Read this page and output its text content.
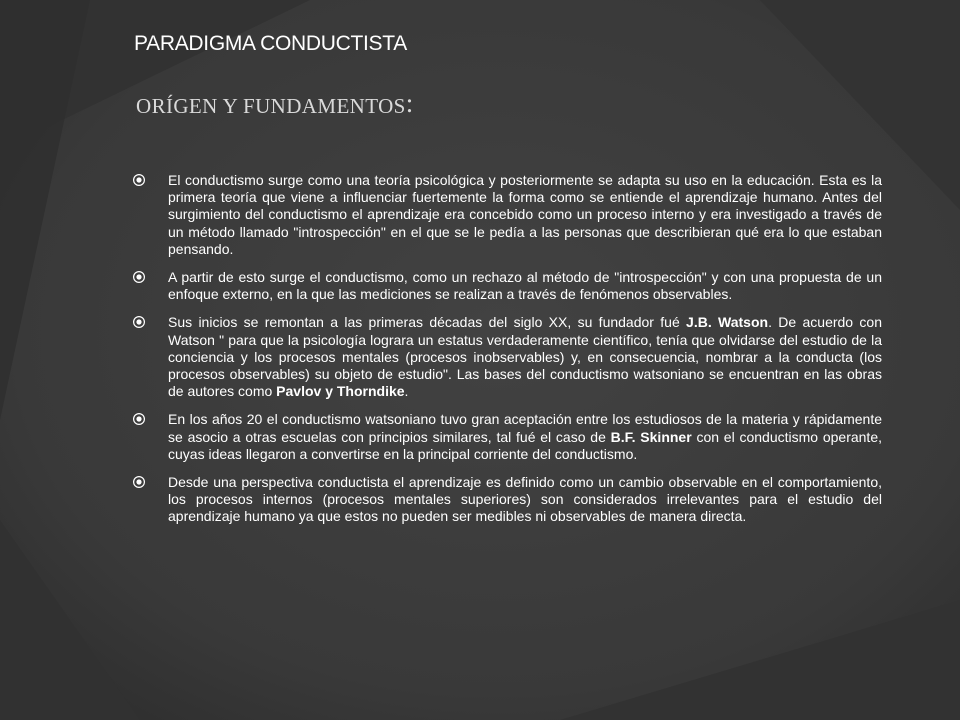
PARADIGMA CONDUCTISTA
ORÍGEN Y FUNDAMENTOS:
El conductismo surge como una teoría psicológica y posteriormente se adapta su uso en la educación. Esta es la primera teoría que viene a influenciar fuertemente la forma como se entiende el aprendizaje humano. Antes del surgimiento del conductismo el aprendizaje era concebido como un proceso interno y era investigado a través de un método llamado "introspección" en el que se le pedía a las personas que describieran qué era lo que estaban pensando.
A partir de esto surge el conductismo, como un rechazo al método de "introspección" y con una propuesta de un enfoque externo, en la que las mediciones se realizan a través de fenómenos observables.
Sus inicios se remontan a las primeras décadas del siglo XX, su fundador fué J.B. Watson. De acuerdo con Watson " para que la psicología lograra un estatus verdaderamente científico, tenía que olvidarse del estudio de la conciencia y los procesos mentales (procesos inobservables) y, en consecuencia, nombrar a la conducta (los procesos observables) su objeto de estudio". Las bases del conductismo watsoniano se encuentran en las obras de autores como Pavlov y Thorndike.
En los años 20 el conductismo watsoniano tuvo gran aceptación entre los estudiosos de la materia y rápidamente se asocio a otras escuelas con principios similares, tal fué el caso de B.F. Skinner con el conductismo operante, cuyas ideas llegaron a convertirse en la principal corriente del conductismo.
Desde una perspectiva conductista el aprendizaje es definido como un cambio observable en el comportamiento, los procesos internos (procesos mentales superiores) son considerados irrelevantes para el estudio del aprendizaje humano ya que estos no pueden ser medibles ni observables de manera directa.
